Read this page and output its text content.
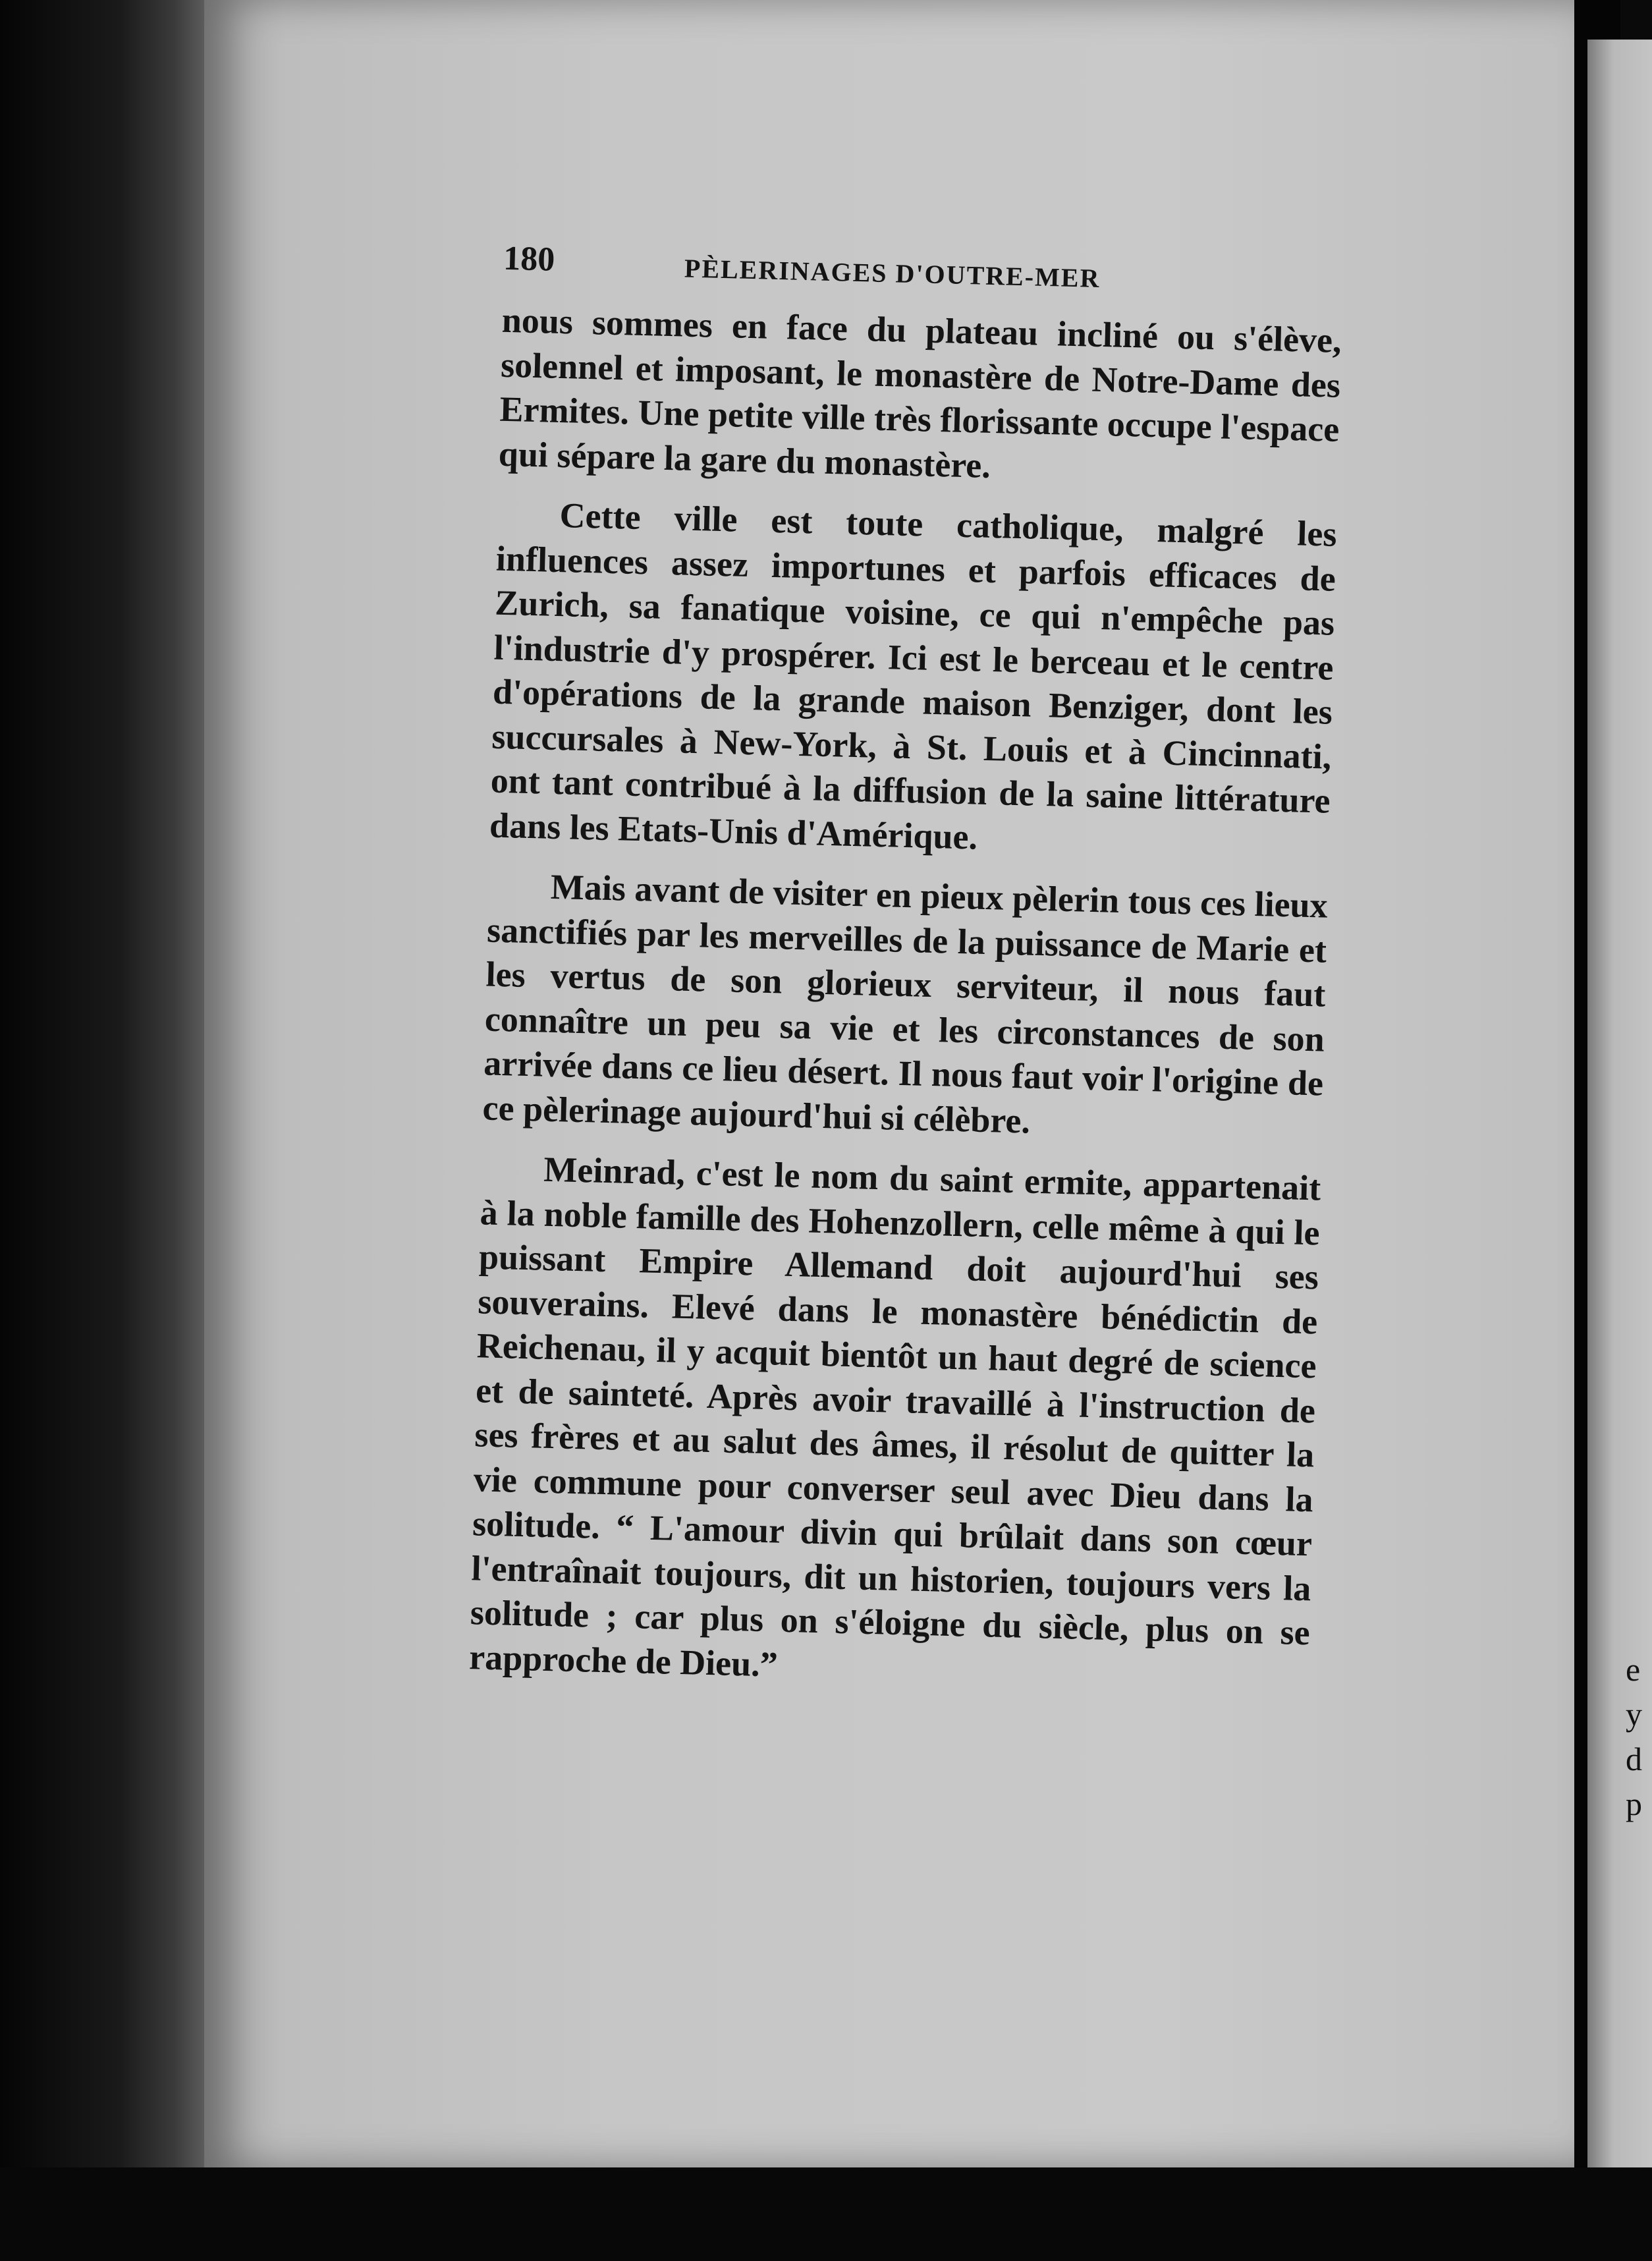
e
y
d
p
180	PÈLERINAGES D'OUTRE-MER

nous sommes en face du plateau incliné ou s'élève, solennel et imposant, le monastère de Notre-Dame des Ermites. Une petite ville très florissante occupe l'espace qui sépare la gare du monastère.

Cette ville est toute catholique, malgré les influences assez importunes et parfois efficaces de Zurich, sa fanatique voisine, ce qui n'empêche pas l'industrie d'y prospérer. Ici est le berceau et le centre d'opérations de la grande maison Benziger, dont les succursales à New-York, à St. Louis et à Cincinnati, ont tant contribué à la diffusion de la saine littérature dans les Etats-Unis d'Amérique.

Mais avant de visiter en pieux pèlerin tous ces lieux sanctifiés par les merveilles de la puissance de Marie et les vertus de son glorieux serviteur, il nous faut connaître un peu sa vie et les circonstances de son arrivée dans ce lieu désert. Il nous faut voir l'origine de ce pèlerinage aujourd'hui si célèbre.

Meinrad, c'est le nom du saint ermite, appartenait à la noble famille des Hohenzollern, celle même à qui le puissant Empire Allemand doit aujourd'hui ses souverains. Elevé dans le monastère bénédictin de Reichenau, il y acquit bientôt un haut degré de science et de sainteté. Après avoir travaillé à l'instruction de ses frères et au salut des âmes, il résolut de quitter la vie commune pour converser seul avec Dieu dans la solitude. “ L'amour divin qui brûlait dans son cœur l'entraînait toujours, dit un historien, toujours vers la solitude ; car plus on s'éloigne du siècle, plus on se rapproche de Dieu.”
